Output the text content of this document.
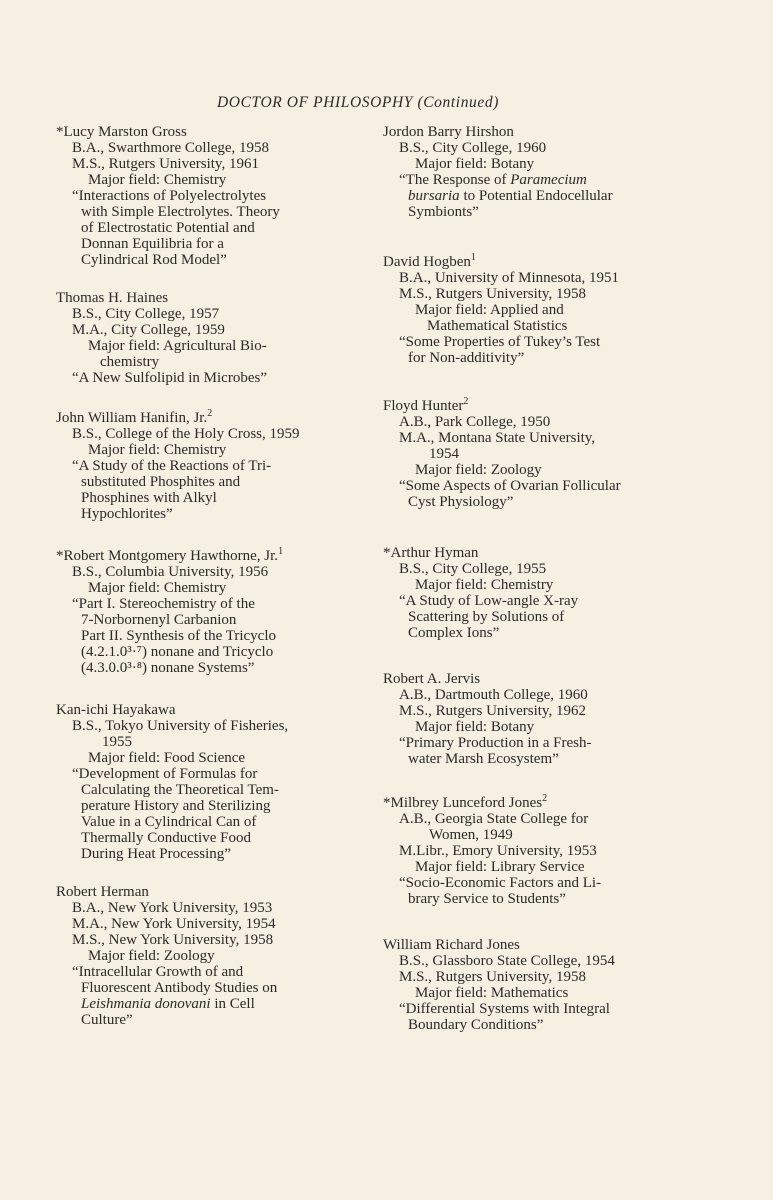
DOCTOR OF PHILOSOPHY (Continued)
*Lucy Marston Gross
B.A., Swarthmore College, 1958
M.S., Rutgers University, 1961
Major field: Chemistry
“Interactions of Polyelectrolytes
with Simple Electrolytes. Theory
of Electrostatic Potential and
Donnan Equilibria for a
Cylindrical Rod Model”
Thomas H. Haines
B.S., City College, 1957
M.A., City College, 1959
Major field: Agricultural Bio-
chemistry
“A New Sulfolipid in Microbes”
John William Hanifin, Jr.$^2$
B.S., College of the Holy Cross, 1959
Major field: Chemistry
“A Study of the Reactions of Tri-
substituted Phosphites and
Phosphines with Alkyl
Hypochlorites”
*Robert Montgomery Hawthorne, Jr.$^1$
B.S., Columbia University, 1956
Major field: Chemistry
“Part I. Stereochemistry of the
7-Norbornenyl Carbanion
Part II. Synthesis of the Tricyclo
(4.2.1.0³·⁷) nonane and Tricyclo
(4.3.0.0³·⁸) nonane Systems”
Kan-ichi Hayakawa
B.S., Tokyo University of Fisheries,
1955
Major field: Food Science
“Development of Formulas for
Calculating the Theoretical Tem-
perature History and Sterilizing
Value in a Cylindrical Can of
Thermally Conductive Food
During Heat Processing”
Robert Herman
B.A., New York University, 1953
M.A., New York University, 1954
M.S., New York University, 1958
Major field: Zoology
“Intracellular Growth of and
Fluorescent Antibody Studies on
Leishmania donovani in Cell
Culture”
Jordon Barry Hirshon
B.S., City College, 1960
Major field: Botany
“The Response of Paramecium
bursaria to Potential Endocellular
Symbionts”
David Hogben$^1$
B.A., University of Minnesota, 1951
M.S., Rutgers University, 1958
Major field: Applied and
Mathematical Statistics
“Some Properties of Tukey’s Test
for Non-additivity”
Floyd Hunter$^2$
A.B., Park College, 1950
M.A., Montana State University,
1954
Major field: Zoology
“Some Aspects of Ovarian Follicular
Cyst Physiology”
*Arthur Hyman
B.S., City College, 1955
Major field: Chemistry
“A Study of Low-angle X-ray
Scattering by Solutions of
Complex Ions”
Robert A. Jervis
A.B., Dartmouth College, 1960
M.S., Rutgers University, 1962
Major field: Botany
“Primary Production in a Fresh-
water Marsh Ecosystem”
*Milbrey Lunceford Jones$^2$
A.B., Georgia State College for
Women, 1949
M.Libr., Emory University, 1953
Major field: Library Service
“Socio-Economic Factors and Li-
brary Service to Students”
William Richard Jones
B.S., Glassboro State College, 1954
M.S., Rutgers University, 1958
Major field: Mathematics
“Differential Systems with Integral
Boundary Conditions”
